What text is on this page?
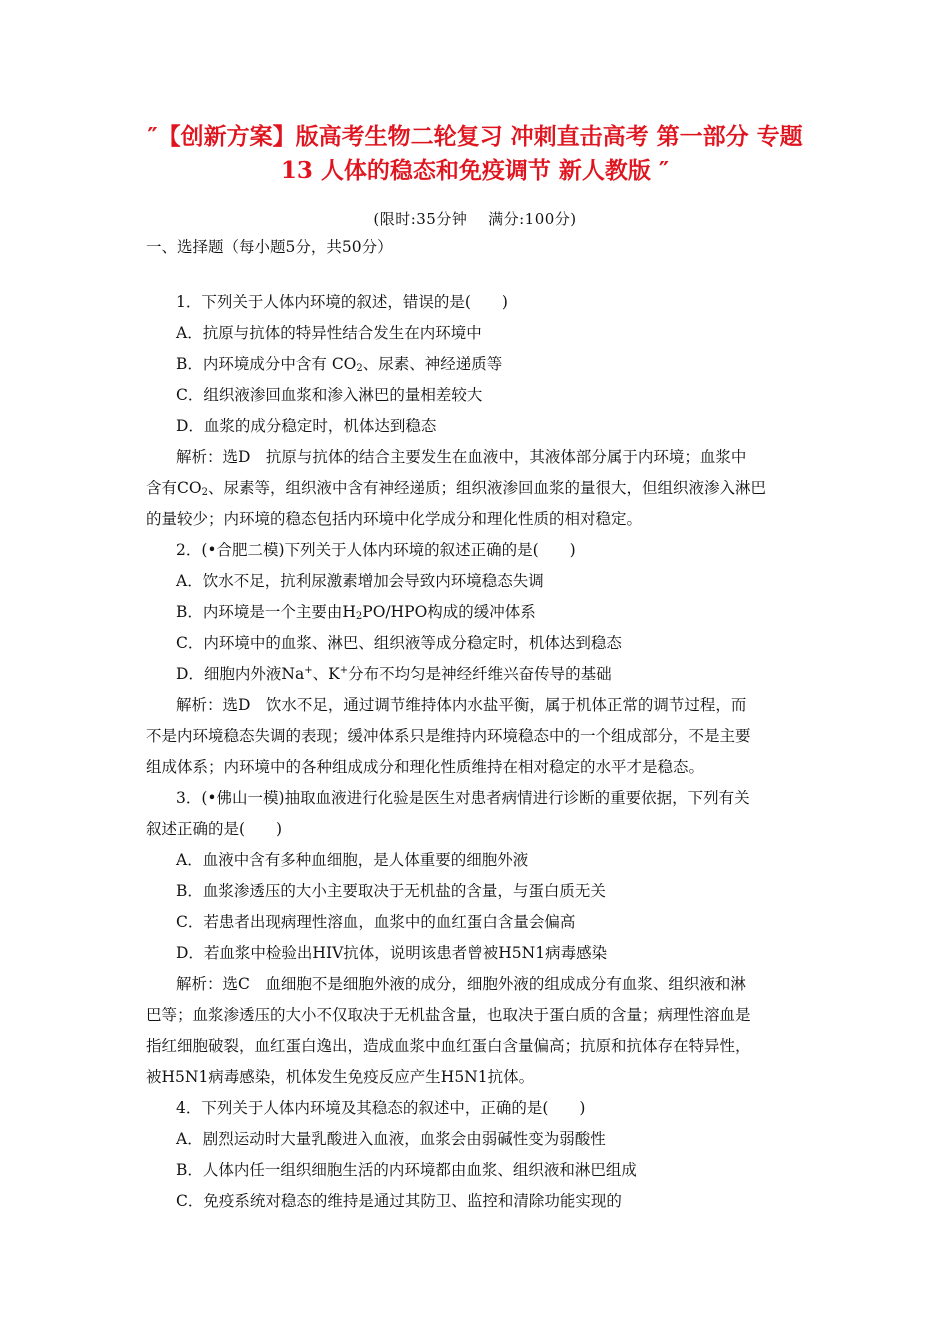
″【创新方案】版高考生物二轮复习 冲刺直击高考 第一部分 专题
13 人体的稳态和免疫调节 新人教版 ″
(限时:35分钟　 满分:100分)
一、选择题（每小题5分，共50分）
1．下列关于人体内环境的叙述，错误的是(　　)
A．抗原与抗体的特异性结合发生在内环境中
B．内环境成分中含有 $CO_2$、尿素、神经递质等
C．组织液渗回血浆和渗入淋巴的量相差较大
D．血浆的成分稳定时，机体达到稳态
解析：选D　抗原与抗体的结合主要发生在血液中，其液体部分属于内环境；血浆中
含有$CO_2$、尿素等，组织液中含有神经递质；组织液渗回血浆的量很大，但组织液渗入淋巴
的量较少；内环境的稳态包括内环境中化学成分和理化性质的相对稳定。
2．(•合肥二模)下列关于人体内环境的叙述正确的是(　　)
A．饮水不足，抗利尿激素增加会导致内环境稳态失调
B．内环境是一个主要由$H_2PO$/HPO构成的缓冲体系
C．内环境中的血浆、淋巴、组织液等成分稳定时，机体达到稳态
D．细胞内外液Na+、K+分布不均匀是神经纤维兴奋传导的基础
解析：选D　饮水不足，通过调节维持体内水盐平衡，属于机体正常的调节过程，而
不是内环境稳态失调的表现；缓冲体系只是维持内环境稳态中的一个组成部分，不是主要
组成体系；内环境中的各种组成成分和理化性质维持在相对稳定的水平才是稳态。
3．(•佛山一模)抽取血液进行化验是医生对患者病情进行诊断的重要依据，下列有关
叙述正确的是(　　)
A．血液中含有多种血细胞，是人体重要的细胞外液
B．血浆渗透压的大小主要取决于无机盐的含量，与蛋白质无关
C．若患者出现病理性溶血，血浆中的血红蛋白含量会偏高
D．若血浆中检验出HIV抗体，说明该患者曾被H5N1病毒感染
解析：选C　血细胞不是细胞外液的成分，细胞外液的组成成分有血浆、组织液和淋
巴等；血浆渗透压的大小不仅取决于无机盐含量，也取决于蛋白质的含量；病理性溶血是
指红细胞破裂，血红蛋白逸出，造成血浆中血红蛋白含量偏高；抗原和抗体存在特异性，
被H5N1病毒感染，机体发生免疫反应产生H5N1抗体。
4．下列关于人体内环境及其稳态的叙述中，正确的是(　　)
A．剧烈运动时大量乳酸进入血液，血浆会由弱碱性变为弱酸性
B．人体内任一组织细胞生活的内环境都由血浆、组织液和淋巴组成
C．免疫系统对稳态的维持是通过其防卫、监控和清除功能实现的
